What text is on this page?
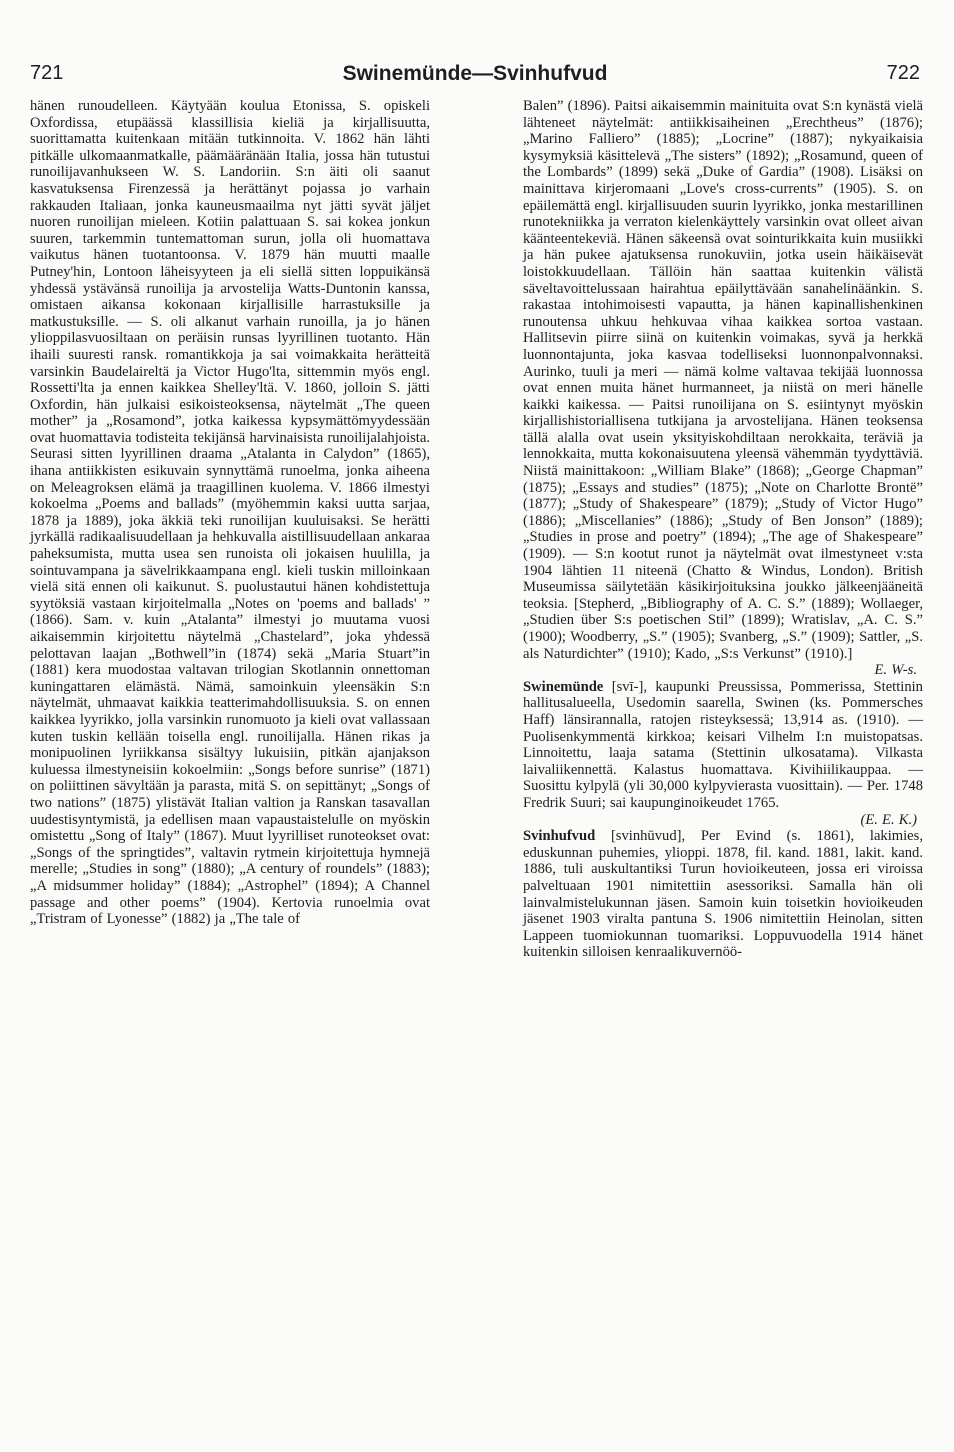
721	Swinemünde—Svinhufvud	722

hänen runoudelleen. Käytyään koulua Etonissa, S. opiskeli Oxfordissa, etupäässä klassillisia kieliä ja kirjallisuutta, suorittamatta kuitenkaan mitään tutkinnoita. V. 1862 hän lähti pitkälle ulkomaanmatkalle, päämääränään Italia, jossa hän tutustui runoilijavanhukseen W. S. Landoriin. S:n äiti oli saanut kasvatuksensa Firenzessä ja herättänyt pojassa jo varhain rakkauden Italiaan, jonka kauneusmaailma nyt jätti syvät jäljet nuoren runoilijan mieleen. Kotiin palattuaan S. sai kokea jonkun suuren, tarkemmin tuntemattoman surun, jolla oli huomattava vaikutus hänen tuotantoonsa. V. 1879 hän muutti maalle Putney'hin, Lontoon läheisyyteen ja eli siellä sitten loppuikänsä yhdessä ystävänsä runoilija ja arvostelija Watts-Duntonin kanssa, omistaen aikansa kokonaan kirjallisille harrastuksille ja matkustuksille. — S. oli alkanut varhain runoilla, ja jo hänen ylioppilasvuosiltaan on peräisin runsas lyyrillinen tuotanto. Hän ihaili suuresti ransk. romantikkoja ja sai voimakkaita herätteitä varsinkin Baudelaireltä ja Victor Hugo'lta, sittemmin myös engl. Rossetti'lta ja ennen kaikkea Shelley'ltä. V. 1860, jolloin S. jätti Oxfordin, hän julkaisi esikoisteoksensa, näytelmät „The queen mother” ja „Rosamond”, jotka kaikessa kypsymättömyydessään ovat huomattavia todisteita tekijänsä harvinaisista runoilijalahjoista. Seurasi sitten lyyrillinen draama „Atalanta in Calydon” (1865), ihana antiikkisten esikuvain synnyttämä runoelma, jonka aiheena on Meleagroksen elämä ja traagillinen kuolema. V. 1866 ilmestyi kokoelma „Poems and ballads” (myöhemmin kaksi uutta sarjaa, 1878 ja 1889), joka äkkiä teki runoilijan kuuluisaksi. Se herätti jyrkällä radikaalisuudellaan ja hehkuvalla aistillisuudellaan ankaraa paheksumista, mutta usea sen runoista oli jokaisen huulilla, ja sointuvampana ja sävelrikkaampana engl. kieli tuskin milloinkaan vielä sitä ennen oli kaikunut. S. puolustautui hänen kohdistettuja syytöksiä vastaan kirjoitelmalla „Notes on 'poems and ballads' ” (1866). Sam. v. kuin „Atalanta” ilmestyi jo muutama vuosi aikaisemmin kirjoitettu näytelmä „Chastelard”, joka yhdessä pelottavan laajan „Bothwell”in (1874) sekä „Maria Stuart”in (1881) kera muodostaa valtavan trilogian Skotlannin onnettoman kuningattaren elämästä. Nämä, samoinkuin yleensäkin S:n näytelmät, uhmaavat kaikkia teatterimahdollisuuksia. S. on ennen kaikkea lyyrikko, jolla varsinkin runomuoto ja kieli ovat vallassaan kuten tuskin kellään toisella engl. runoilijalla. Hänen rikas ja monipuolinen lyriikkansa sisältyy lukuisiin, pitkän ajanjakson kuluessa ilmestyneisiin kokoelmiin: „Songs before sunrise” (1871) on poliittinen sävyltään ja parasta, mitä S. on sepittänyt; „Songs of two nations” (1875) ylistävät Italian valtion ja Ranskan tasavallan uudestisyntymistä, ja edellisen maan vapaustaistelulle on myöskin omistettu „Song of Italy” (1867). Muut lyyrilliset runoteokset ovat: „Songs of the springtides”, valtavin rytmein kirjoitettuja hymnejä merelle; „Studies in song” (1880); „A century of roundels” (1883); „A midsummer holiday” (1884); „Astrophel” (1894); A Channel passage and other poems” (1904). Kertovia runoelmia ovat „Tristram of Lyonesse” (1882) ja „The tale of

Balen” (1896). Paitsi aikaisemmin mainituita ovat S:n kynästä vielä lähteneet näytelmät: antiikkisaiheinen „Erechtheus” (1876); „Marino Falliero” (1885); „Locrine” (1887); nykyaikaisia kysymyksiä käsittelevä „The sisters” (1892); „Rosamund, queen of the Lombards” (1899) sekä „Duke of Gardia” (1908). Lisäksi on mainittava kirjeromaani „Love's cross-currents” (1905). S. on epäilemättä engl. kirjallisuuden suurin lyyrikko, jonka mestarillinen runotekniikka ja verraton kielenkäyttely varsinkin ovat olleet aivan käänteentekeviä. Hänen säkeensä ovat sointurikkaita kuin musiikki ja hän pukee ajatuksensa runokuviin, jotka usein häikäisevät loistokkuudellaan. Tällöin hän saattaa kuitenkin välistä säveltavoittelussaan hairahtua epäilyttävään sanahelinäänkin. S. rakastaa intohimoisesti vapautta, ja hänen kapinallishenkinen runoutensa uhkuu hehkuvaa vihaa kaikkea sortoa vastaan. Hallitsevin piirre siinä on kuitenkin voimakas, syvä ja herkkä luonnontajunta, joka kasvaa todelliseksi luonnonpalvonnaksi. Aurinko, tuuli ja meri — nämä kolme valtavaa tekijää luonnossa ovat ennen muita hänet hurmanneet, ja niistä on meri hänelle kaikki kaikessa. — Paitsi runoilijana on S. esiintynyt myöskin kirjallishistoriallisena tutkijana ja arvostelijana. Hänen teoksensa tällä alalla ovat usein yksityiskohdiltaan nerokkaita, teräviä ja lennokkaita, mutta kokonaisuutena yleensä vähemmän tyydyttäviä. Niistä mainittakoon: „William Blake” (1868); „George Chapman” (1875); „Essays and studies” (1875); „Note on Charlotte Brontë” (1877); „Study of Shakespeare” (1879); „Study of Victor Hugo” (1886); „Miscellanies” (1886); „Study of Ben Jonson” (1889); „Studies in prose and poetry” (1894); „The age of Shakespeare” (1909). — S:n kootut runot ja näytelmät ovat ilmestyneet v:sta 1904 lähtien 11 niteenä (Chatto & Windus, London). British Museumissa säilytetään käsikirjoituksina joukko jälkeenjääneitä teoksia. [Stepherd, „Bibliography of A. C. S.” (1889); Wollaeger, „Studien über S:s poetischen Stil” (1899); Wratislav, „A. C. S.” (1900); Woodberry, „S.” (1905); Svanberg, „S.” (1909); Sattler, „S. als Naturdichter” (1910); Kado, „S:s Verkunst” (1910).]

E. W-s.

Swinemünde [svī-], kaupunki Preussissa, Pommerissa, Stettinin hallitusalueella, Usedomin saarella, Swinen (ks. Pommersches Haff) länsirannalla, ratojen risteyksessä; 13,914 as. (1910). — Puolisenkymmentä kirkkoa; keisari Vilhelm I:n muistopatsas. Linnoitettu, laaja satama (Stettinin ulkosatama). Vilkasta laivaliikennettä. Kalastus huomattava. Kivihiilikauppaa. — Suosittu kylpylä (yli 30,000 kylpyvierasta vuosittain). — Per. 1748 Fredrik Suuri; sai kaupunginoikeudet 1765.

(E. E. K.)

Svinhufvud [svinhūvud], Per Evind (s. 1861), lakimies, eduskunnan puhemies, ylioppi. 1878, fil. kand. 1881, lakit. kand. 1886, tuli auskultantiksi Turun hovioikeuteen, jossa eri viroissa palveltuaan 1901 nimitettiin asessoriksi. Samalla hän oli lainvalmistelukunnan jäsen. Samoin kuin toisetkin hovioikeuden jäsenet 1903 viralta pantuna S. 1906 nimitettiin Heinolan, sitten Lappeen tuomiokunnan tuomariksi. Loppuvuodella 1914 hänet kuitenkin silloisen kenraalikuvernöö-
